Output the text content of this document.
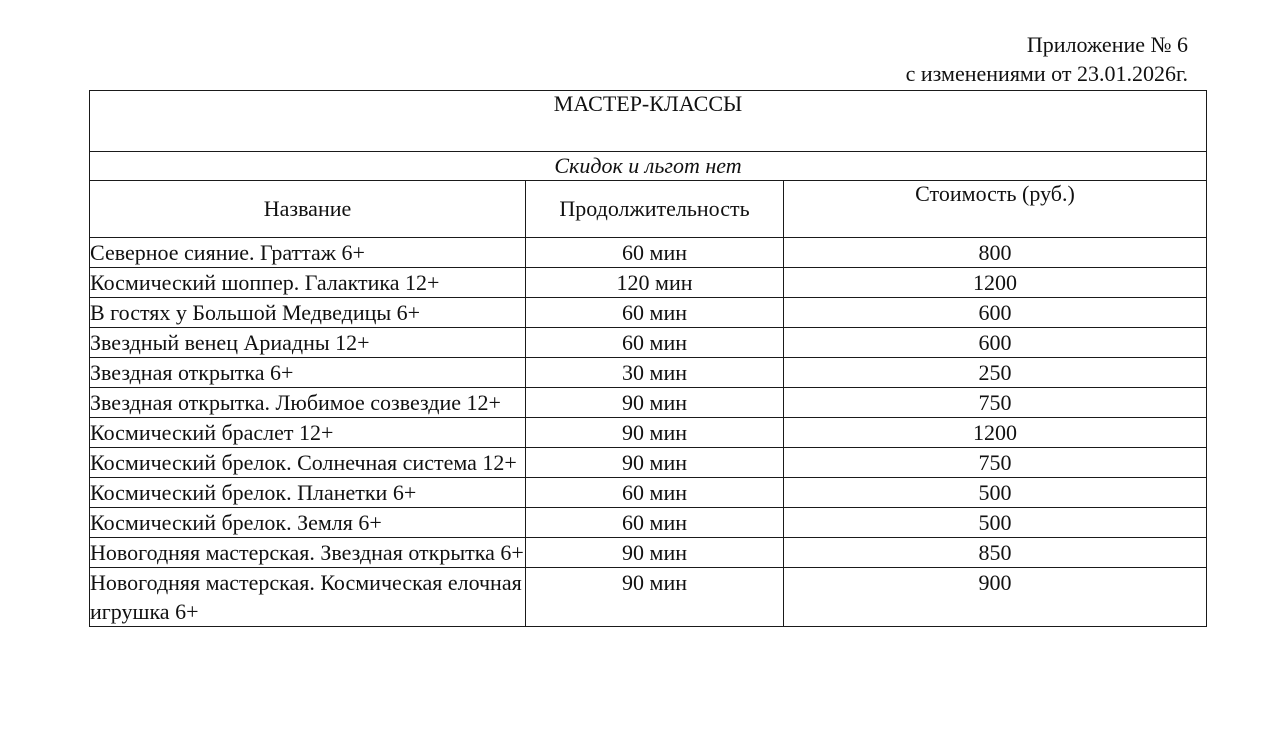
Приложение № 6
с изменениями от 23.01.2026г.
МАСТЕР-КЛАССЫ		
Скидок и льгот нет		
Название	Продолжительность	Стоимость (руб.)
Северное сияние. Граттаж 6+	60 мин	800
Космический шоппер. Галактика 12+	120 мин	1200
В гостях у Большой Медведицы 6+	60 мин	600
Звездный венец Ариадны 12+	60 мин	600
Звездная открытка 6+	30 мин	250
Звездная открытка. Любимое созвездие 12+	90 мин	750
Космический браслет 12+	90 мин	1200
Космический брелок. Солнечная система 12+	90 мин	750
Космический брелок. Планетки 6+	60 мин	500
Космический брелок. Земля 6+	60 мин	500
Новогодняя мастерская. Звездная открытка 6+	90 мин	850
Новогодняя мастерская. Космическая елочная игрушка 6+	90 мин	900
